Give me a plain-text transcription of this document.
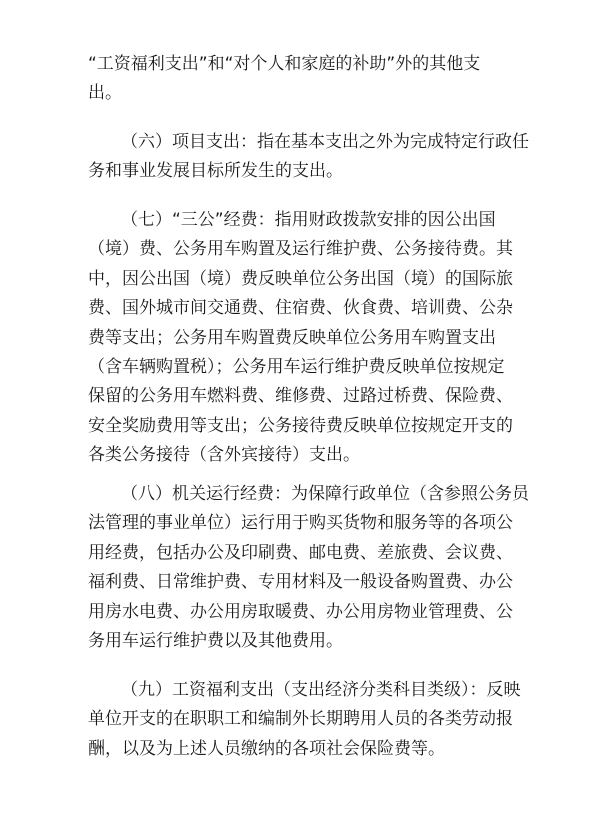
“工资福利支出”和“对个人和家庭的补助”外的其他支
出。
（六）项目支出：指在基本支出之外为完成特定行政任
务和事业发展目标所发生的支出。
（七）“三公”经费：指用财政拨款安排的因公出国
（境）费、公务用车购置及运行维护费、公务接待费。其
中，因公出国（境）费反映单位公务出国（境）的国际旅
费、国外城市间交通费、住宿费、伙食费、培训费、公杂
费等支出；公务用车购置费反映单位公务用车购置支出
（含车辆购置税）；公务用车运行维护费反映单位按规定
保留的公务用车燃料费、维修费、过路过桥费、保险费、
安全奖励费用等支出；公务接待费反映单位按规定开支的
各类公务接待（含外宾接待）支出。
（八）机关运行经费：为保障行政单位（含参照公务员
法管理的事业单位）运行用于购买货物和服务等的各项公
用经费，包括办公及印刷费、邮电费、差旅费、会议费、
福利费、日常维护费、专用材料及一般设备购置费、办公
用房水电费、办公用房取暖费、办公用房物业管理费、公
务用车运行维护费以及其他费用。
（九）工资福利支出（支出经济分类科目类级）：反映
单位开支的在职职工和编制外长期聘用人员的各类劳动报
酬，以及为上述人员缴纳的各项社会保险费等。
